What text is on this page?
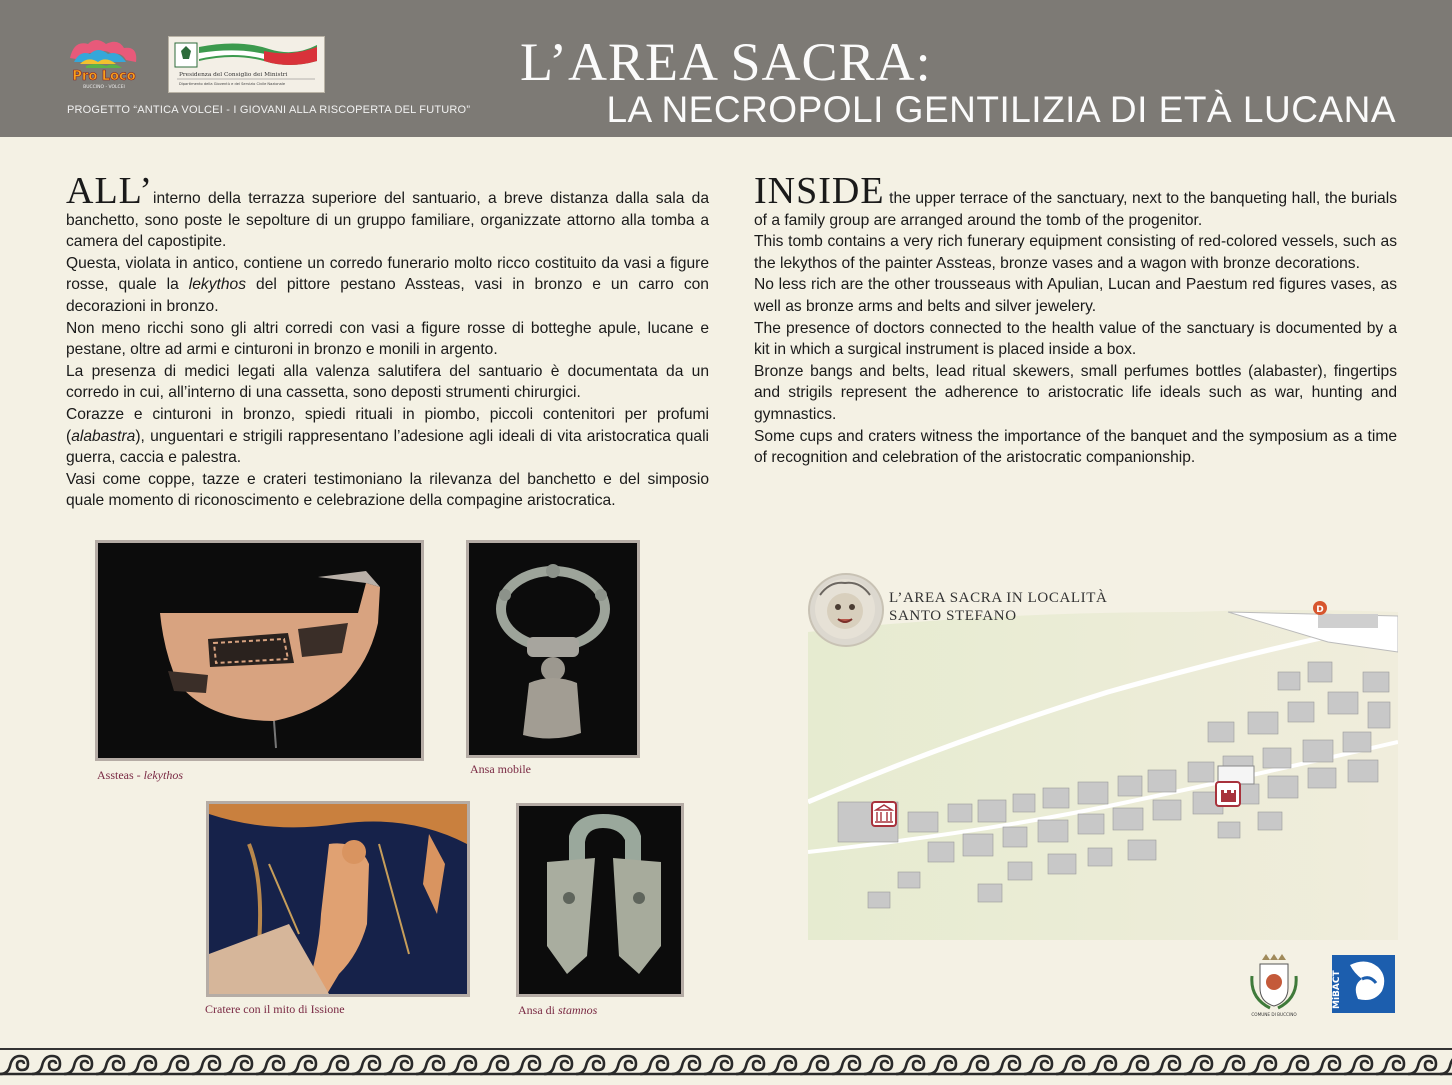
Pro Loco
BUCCINO - VOLCEI
Presidenza del Consiglio dei Ministri
Dipartimento della Gioventù e del Servizio Civile Nazionale
PROGETTO “ANTICA VOLCEI - I GIOVANI ALLA RISCOPERTA DEL FUTURO”
L’AREA SACRA:
LA NECROPOLI GENTILIZIA DI ETÀ LUCANA

ALL’interno della terrazza superiore del santuario, a breve distanza dalla sala da banchetto, sono poste le sepolture di un gruppo familiare, organizzate attorno alla tomba a camera del capostipite.

Questa, violata in antico, contiene un corredo funerario molto ricco costituito da vasi a figure rosse, quale la lekythos del pittore pestano Assteas, vasi in bronzo e un carro con decorazioni in bronzo.

Non meno ricchi sono gli altri corredi con vasi a figure rosse di botteghe apule, lucane e pestane, oltre ad armi e cinturoni in bronzo e monili in argento.

La presenza di medici legati alla valenza salutifera del santuario è documentata da un corredo in cui, all’interno di una cassetta, sono deposti strumenti chirurgici.

Corazze e cinturoni in bronzo, spiedi rituali in piombo, piccoli contenitori per profumi (alabastra), unguentari e strigili rappresentano l’adesione agli ideali di vita aristocratica quali guerra, caccia e palestra.

Vasi come coppe, tazze e crateri testimoniano la rilevanza del banchetto e del simposio quale momento di riconoscimento e celebrazione della compagine aristocratica.

INSIDE the upper terrace of the sanctuary, next to the banqueting hall, the burials of a family group are arranged around the tomb of the progenitor.

This tomb contains a very rich funerary equipment consisting of red-colored vessels, such as the lekythos of the painter Assteas, bronze vases and a wagon with bronze decorations.

No less rich are the other trousseaus with Apulian, Lucan and Paestum red figures vases, as well as bronze arms and belts and silver jewelery.

The presence of doctors connected to the health value of the sanctuary is documented by a kit in which a surgical instrument is placed inside a box.

Bronze bangs and belts, lead ritual skewers, small perfumes bottles (alabaster), fingertips and strigils represent the adherence to aristocratic life ideals such as war, hunting and gymnastics.

Some cups and craters witness the importance of the banquet and the symposium as a time of recognition and celebration of the aristocratic companionship.

Assteas - lekythos	Ansa mobile
Cratere con il mito di Issione	Ansa di stamnos
D
L’AREA SACRA IN LOCALITÀ
SANTO STEFANO
COMUNE DI BUCCINO
MiBACT
